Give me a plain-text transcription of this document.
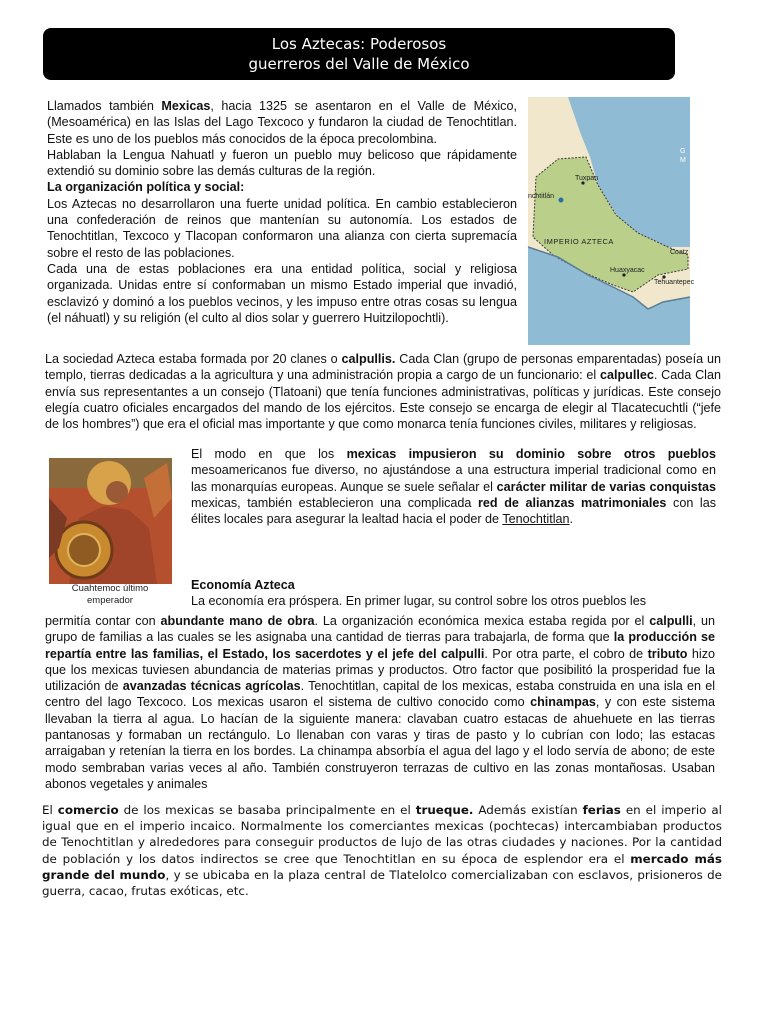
Los Aztecas: Poderosos
guerreros del Valle de México

Llamados también Mexicas, hacia 1325 se asentaron en el Valle de México, (Mesoamérica) en las Islas del Lago Texcoco y fundaron la ciudad de Tenochtitlan. Este es uno de los pueblos más conocidos de la época precolombina.

Hablaban la Lengua Nahuatl y fueron un pueblo muy belicoso que rápidamente extendió su dominio sobre las demás culturas de la región.

La organización política y social:

Los Aztecas no desarrollaron una fuerte unidad política. En cambio establecieron una confederación de reinos que mantenían su autonomía. Los estados de Tenochtitlan, Texcoco y Tlacopan conformaron una alianza con cierta supremacía sobre el resto de las poblaciones.

Cada una de estas poblaciones era una entidad política, social y religiosa organizada. Unidas entre sí conformaban un mismo Estado imperial que invadió, esclavizó y dominó a los pueblos vecinos, y les impuso entre otras cosas su lengua (el náhuatl) y su religión (el culto al dios solar y guerrero Huitzilopochtli).

IMPERIO AZTECA
Tuxpan
nchtitlán
Huaxyacac
Tehuantepec
Coatz
G
M

La sociedad Azteca estaba formada por 20 clanes o calpullis. Cada Clan (grupo de personas emparentadas) poseía un templo, tierras dedicadas a la agricultura y una administración propia a cargo de un funcionario: el calpullec. Cada Clan envía sus representantes a un consejo (Tlatoani) que tenía funciones administrativas, políticas y jurídicas. Este consejo elegía cuatro oficiales encargados del mando de los ejércitos. Este consejo se encarga de elegir al Tlacatecuchtli (“jefe de los hombres”) que era el oficial mas importante y que como monarca tenía funciones civiles, militares y religiosas.

Cuahtemoc último emperador

El modo en que los mexicas impusieron su dominio sobre otros pueblos mesoamericanos fue diverso, no ajustándose a una estructura imperial tradicional como en las monarquías europeas. Aunque se suele señalar el carácter militar de varias conquistas mexicas, también establecieron una complicada red de alianzas matrimoniales con las élites locales para asegurar la lealtad hacia el poder de Tenochtitlan.

Economía Azteca

La economía era próspera. En primer lugar, su control sobre los otros pueblos les

permitía contar con abundante mano de obra. La organización económica mexica estaba regida por el calpulli, un grupo de familias a las cuales se les asignaba una cantidad de tierras para trabajarla, de forma que la producción se repartía entre las familias, el Estado, los sacerdotes y el jefe del calpulli. Por otra parte, el cobro de tributo hizo que los mexicas tuviesen abundancia de materias primas y productos. Otro factor que posibilitó la prosperidad fue la utilización de avanzadas técnicas agrícolas. Tenochtitlan, capital de los mexicas, estaba construida en una isla en el centro del lago Texcoco. Los mexicas usaron el sistema de cultivo conocido como chinampas, y con este sistema llevaban la tierra al agua. Lo hacían de la siguiente manera: clavaban cuatro estacas de ahuehuete en las tierras pantanosas y formaban un rectángulo. Lo llenaban con varas y tiras de pasto y lo cubrían con lodo; las estacas arraigaban y retenían la tierra en los bordes. La chinampa absorbía el agua del lago y el lodo servía de abono; de este modo sembraban varias veces al año. También construyeron terrazas de cultivo en las zonas montañosas. Usaban abonos vegetales y animales

El comercio de los mexicas se basaba principalmente en el trueque. Además existían ferias en el imperio al igual que en el imperio incaico. Normalmente los comerciantes mexicas (pochtecas) intercambiaban productos de Tenochtitlan y alrededores para conseguir productos de lujo de las otras ciudades y naciones. Por la cantidad de población y los datos indirectos se cree que Tenochtitlan en su época de esplendor era el mercado más grande del mundo, y se ubicaba en la plaza central de Tlatelolco comercializaban con esclavos, prisioneros de guerra, cacao, frutas exóticas, etc.
